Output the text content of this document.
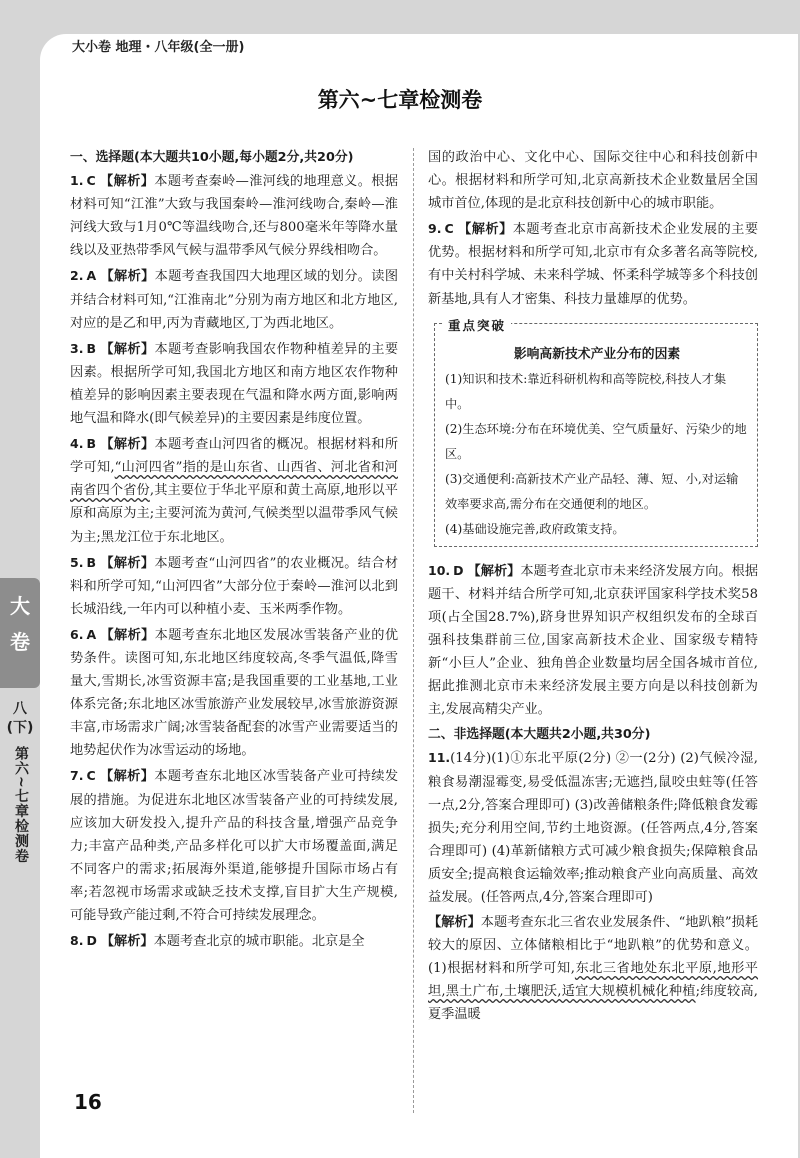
大小卷 地理・八年级(全一册)
第六~七章检测卷
大
卷
八(下)
第六~七章检测卷
一、选择题(本大题共10小题,每小题2分,共20分)
1. C 【解析】本题考查秦岭—淮河线的地理意义。根据材料可知“江淮”大致与我国秦岭—淮河线吻合,秦岭—淮河线大致与1月0℃等温线吻合,还与800毫米年等降水量线以及亚热带季风气候与温带季风气候分界线相吻合。
2. A 【解析】本题考查我国四大地理区域的划分。读图并结合材料可知,“江淮南北”分别为南方地区和北方地区,对应的是乙和甲,丙为青藏地区,丁为西北地区。
3. B 【解析】本题考查影响我国农作物种植差异的主要因素。根据所学可知,我国北方地区和南方地区农作物种植差异的影响因素主要表现在气温和降水两方面,影响两地气温和降水(即气候差异)的主要因素是纬度位置。
4. B 【解析】本题考查山河四省的概况。根据材料和所学可知,“山河四省”指的是山东省、山西省、河北省和河南省四个省份,其主要位于华北平原和黄土高原,地形以平原和高原为主;主要河流为黄河,气候类型以温带季风气候为主;黑龙江位于东北地区。
5. B 【解析】本题考查“山河四省”的农业概况。结合材料和所学可知,“山河四省”大部分位于秦岭—淮河以北到长城沿线,一年内可以种植小麦、玉米两季作物。
6. A 【解析】本题考查东北地区发展冰雪装备产业的优势条件。读图可知,东北地区纬度较高,冬季气温低,降雪量大,雪期长,冰雪资源丰富;是我国重要的工业基地,工业体系完备;东北地区冰雪旅游产业发展较早,冰雪旅游资源丰富,市场需求广阔;冰雪装备配套的冰雪产业需要适当的地势起伏作为冰雪运动的场地。
7. C 【解析】本题考查东北地区冰雪装备产业可持续发展的措施。为促进东北地区冰雪装备产业的可持续发展,应该加大研发投入,提升产品的科技含量,增强产品竞争力;丰富产品种类,产品多样化可以扩大市场覆盖面,满足不同客户的需求;拓展海外渠道,能够提升国际市场占有率;若忽视市场需求或缺乏技术支撑,盲目扩大生产规模,可能导致产能过剩,不符合可持续发展理念。
8. D 【解析】本题考查北京的城市职能。北京是全
国的政治中心、文化中心、国际交往中心和科技创新中心。根据材料和所学可知,北京高新技术企业数量居全国城市首位,体现的是北京科技创新中心的城市职能。
9. C 【解析】本题考查北京市高新技术企业发展的主要优势。根据材料和所学可知,北京市有众多著名高等院校,有中关村科学城、未来科学城、怀柔科学城等多个科技创新基地,具有人才密集、科技力量雄厚的优势。
重点突破
影响高新技术产业分布的因素
(1)知识和技术:靠近科研机构和高等院校,科技人才集中。
(2)生态环境:分布在环境优美、空气质量好、污染少的地区。
(3)交通便利:高新技术产业产品轻、薄、短、小,对运输效率要求高,需分布在交通便利的地区。
(4)基础设施完善,政府政策支持。
10. D 【解析】本题考查北京市未来经济发展方向。根据题干、材料并结合所学可知,北京获评国家科学技术奖58项(占全国28.7%),跻身世界知识产权组织发布的全球百强科技集群前三位,国家高新技术企业、国家级专精特新“小巨人”企业、独角兽企业数量均居全国各城市首位,据此推测北京市未来经济发展主要方向是以科技创新为主,发展高精尖产业。
二、非选择题(本大题共2小题,共30分)
11.(14分)(1)①东北平原(2分) ②一(2分) (2)气候冷湿,粮食易潮湿霉变,易受低温冻害;无遮挡,鼠咬虫蛀等(任答一点,2分,答案合理即可) (3)改善储粮条件;降低粮食发霉损失;充分利用空间,节约土地资源。(任答两点,4分,答案合理即可) (4)革新储粮方式可减少粮食损失;保障粮食品质安全;提高粮食运输效率;推动粮食产业向高质量、高效益发展。(任答两点,4分,答案合理即可)
【解析】本题考查东北三省农业发展条件、“地趴粮”损耗较大的原因、立体储粮相比于“地趴粮”的优势和意义。(1)根据材料和所学可知,东北三省地处东北平原,地形平坦,黑土广布,土壤肥沃,适宜大规模机械化种植;纬度较高,夏季温暖
16
